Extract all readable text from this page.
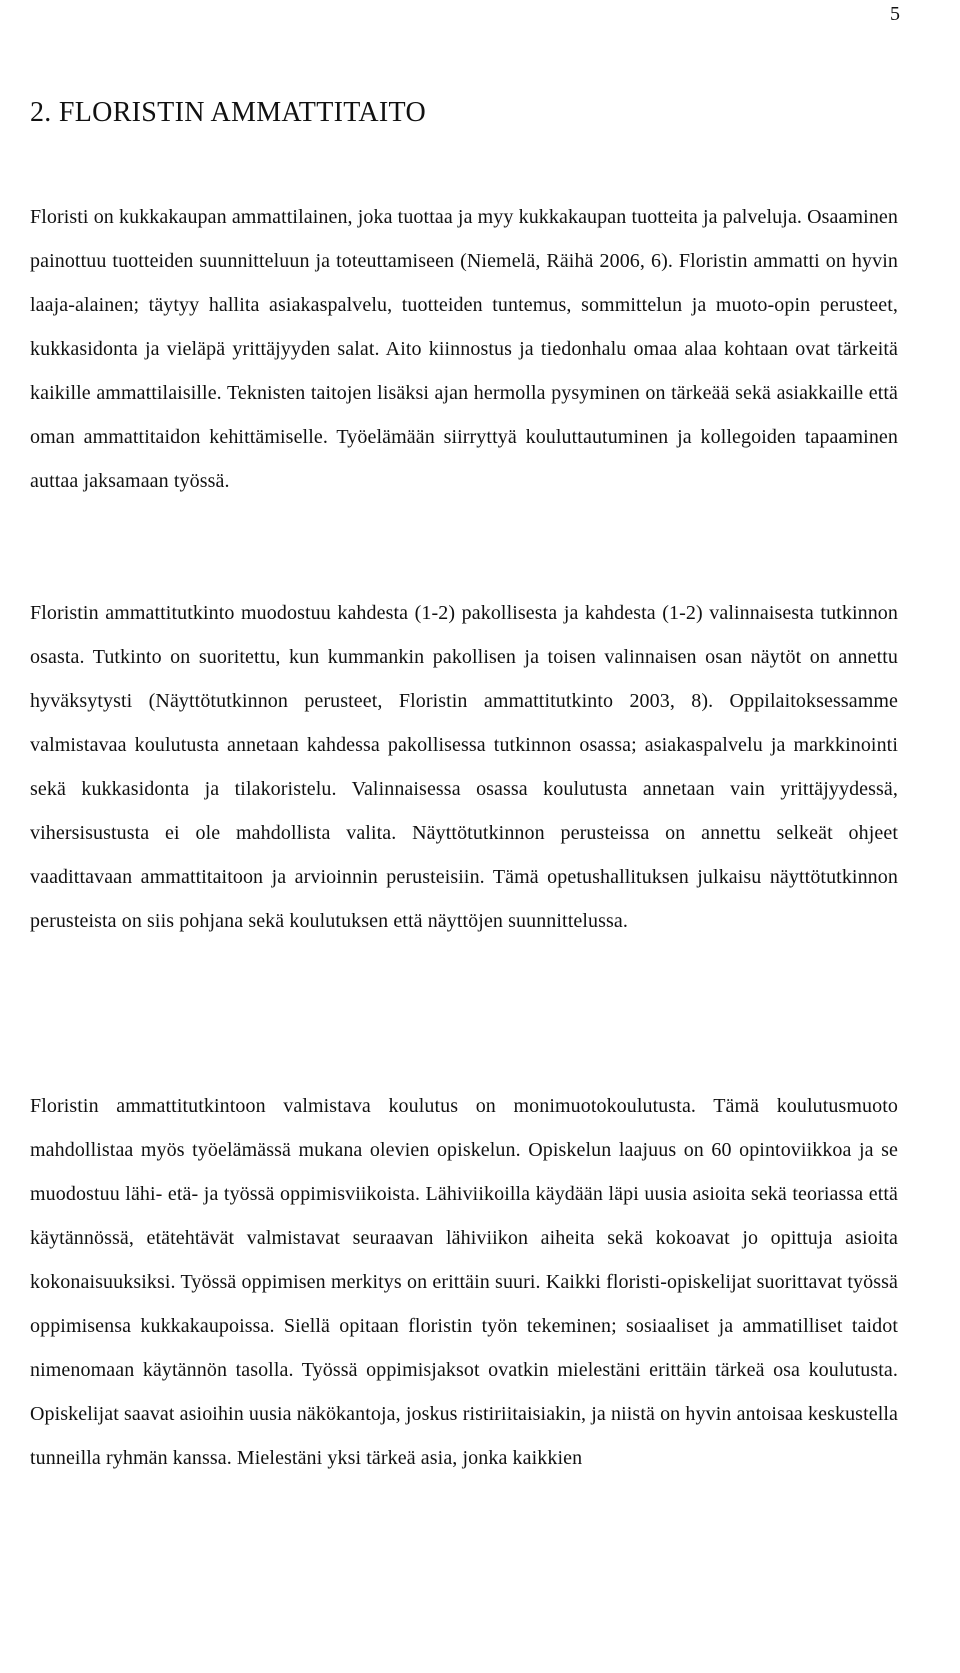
5
2. FLORISTIN AMMATTITAITO

Floristi on kukkakaupan ammattilainen, joka tuottaa ja myy kukkakaupan tuotteita ja palveluja. Osaaminen painottuu tuotteiden suunnitteluun ja toteuttamiseen (Niemelä, Räihä 2006, 6). Floristin ammatti on hyvin laaja-alainen; täytyy hallita asiakaspalvelu, tuotteiden tuntemus, sommittelun ja muoto-opin perusteet, kukkasidonta ja vieläpä yrittäjyyden salat. Aito kiinnostus ja tiedonhalu omaa alaa kohtaan ovat tärkeitä kaikille ammattilaisille. Teknisten taitojen lisäksi ajan hermolla pysyminen on tärkeää sekä asiakkaille että oman ammattitaidon kehittämiselle. Työelämään siirryttyä kouluttautuminen ja kollegoiden tapaaminen auttaa jaksamaan työssä.

Floristin ammattitutkinto muodostuu kahdesta (1-2) pakollisesta ja kahdesta (1-2) valinnaisesta tutkinnon osasta. Tutkinto on suoritettu, kun kummankin pakollisen ja toisen valinnaisen osan näytöt on annettu hyväksytysti (Näyttötutkinnon perusteet, Floristin ammattitutkinto 2003, 8). Oppilaitoksessamme valmistavaa koulutusta annetaan kahdessa pakollisessa tutkinnon osassa; asiakaspalvelu ja markkinointi sekä kukkasidonta ja tilakoristelu. Valinnaisessa osassa koulutusta annetaan vain yrittäjyydessä, vihersisustusta ei ole mahdollista valita. Näyttötutkinnon perusteissa on annettu selkeät ohjeet vaadittavaan ammattitaitoon ja arvioinnin perusteisiin. Tämä opetushallituksen julkaisu näyttötutkinnon perusteista on siis pohjana sekä koulutuksen että näyttöjen suunnittelussa.

Floristin ammattitutkintoon valmistava koulutus on monimuotokoulutusta. Tämä koulutusmuoto mahdollistaa myös työelämässä mukana olevien opiskelun. Opiskelun laajuus on 60 opintoviikkoa ja se muodostuu lähi- etä- ja työssä oppimisviikoista. Lähiviikoilla käydään läpi uusia asioita sekä teoriassa että käytännössä, etätehtävät valmistavat seuraavan lähiviikon aiheita sekä kokoavat jo opittuja asioita kokonaisuuksiksi. Työssä oppimisen merkitys on erittäin suuri. Kaikki floristi-opiskelijat suorittavat työssä oppimisensa kukkakaupoissa. Siellä opitaan floristin työn tekeminen; sosiaaliset ja ammatilliset taidot nimenomaan käytännön tasolla. Työssä oppimisjaksot ovatkin mielestäni erittäin tärkeä osa koulutusta. Opiskelijat saavat asioihin uusia näkökantoja, joskus ristiriitaisiakin, ja niistä on hyvin antoisaa keskustella tunneilla ryhmän kanssa. Mielestäni yksi tärkeä asia, jonka kaikkien
